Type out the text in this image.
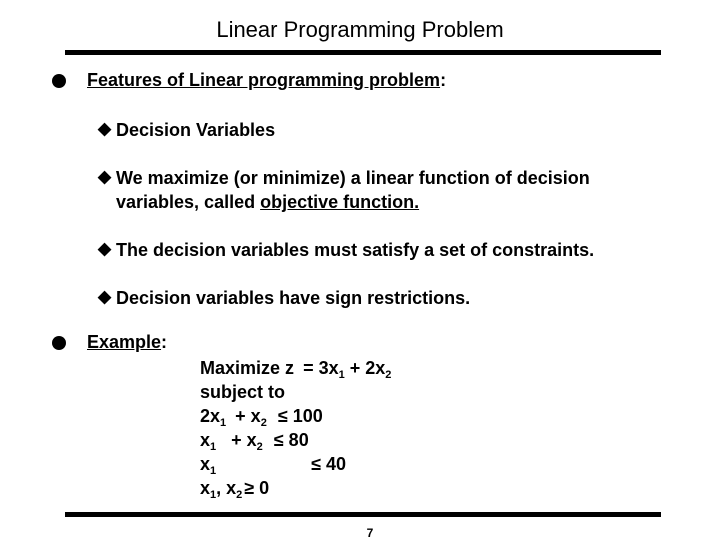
Linear Programming Problem
Features of Linear programming problem:
◆ Decision Variables
◆ We maximize (or minimize) a linear function of decision
variables, called objective function.
◆ The decision variables must satisfy a set of constraints.
◆ Decision variables have sign restrictions.
Example:
Maximize $z = 3x_1 + 2x_2$
subject to
$2x_1 + x_2 \le 100$
$x_1 + x_2 \le 80$
$x_1$	≤ 40
$x_1$, $x_2 \ge 0$
7
